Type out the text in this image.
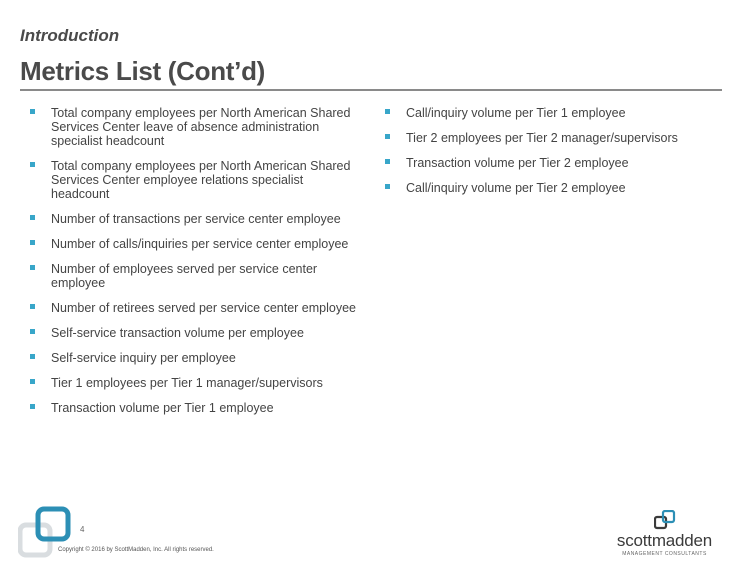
Introduction
Metrics List (Cont’d)
Total company employees per North American Shared Services Center leave of absence administration specialist headcount
Total company employees per North American Shared Services Center employee relations specialist headcount
Number of transactions per service center employee
Number of calls/inquiries per service center employee
Number of employees served per service center employee
Number of retirees served per service center employee
Self-service transaction volume per employee
Self-service inquiry per employee
Tier 1 employees per Tier 1 manager/supervisors
Transaction volume per Tier 1 employee
Call/inquiry volume per Tier 1 employee
Tier 2 employees per Tier 2 manager/supervisors
Transaction volume per Tier 2 employee
Call/inquiry volume per Tier 2 employee
4
Copyright © 2016 by ScottMadden, Inc. All rights reserved.	scottmadden
MANAGEMENT CONSULTANTS
